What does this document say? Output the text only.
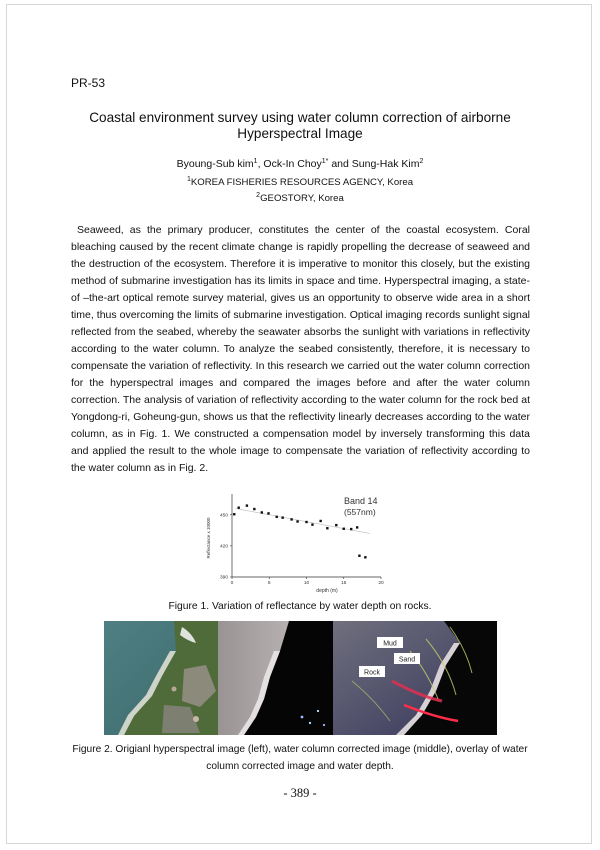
PR-53
Coastal environment survey using water column correction of airborne
Hyperspectral Image
Byoung-Sub kim$^1$, Ock-In Choy$^{1*}$ and Sung-Hak Kim$^2$
$^1$KOREA FISHERIES RESOURCES AGENCY, Korea
$^2$GEOSTORY, Korea

Seaweed, as the primary producer, constitutes the center of the coastal ecosystem. Coral bleaching caused by the recent climate change is rapidly propelling the decrease of seaweed and the destruction of the ecosystem. Therefore it is imperative to monitor this closely, but the existing method of submarine investigation has its limits in space and time. Hyperspectral imaging, a state-of –the-art optical remote survey material, gives us an opportunity to observe wide area in a short time, thus overcoming the limits of submarine investigation. Optical imaging records sunlight signal reflected from the seabed, whereby the seawater absorbs the sunlight with variations in reflectivity according to the water column. To analyze the seabed consistently, therefore, it is necessary to compensate the variation of reflectivity. In this research we carried out the water column correction for the hyperspectral images and compared the images before and after the water column correction. The analysis of variation of reflectivity according to the water column for the rock bed at Yongdong-ri, Goheung-gun, shows us that the reflectivity linearly decreases according to the water column, as in Fig. 1. We constructed a compensation model by inversely transforming this data and applied the result to the whole image to compensate the variation of reflectivity according to the water column as in Fig. 2.

0	5	10	15	20
390
420
450
Band 14
(557nm)
depth (m)
Reflectance x 10000
Figure 1. Variation of reflectance by water depth on rocks.
Mud
Sand
Rock
Figure 2. Origianl hyperspectral image (left), water column corrected image (middle), overlay of water column corrected image and water depth.
- 389 -
